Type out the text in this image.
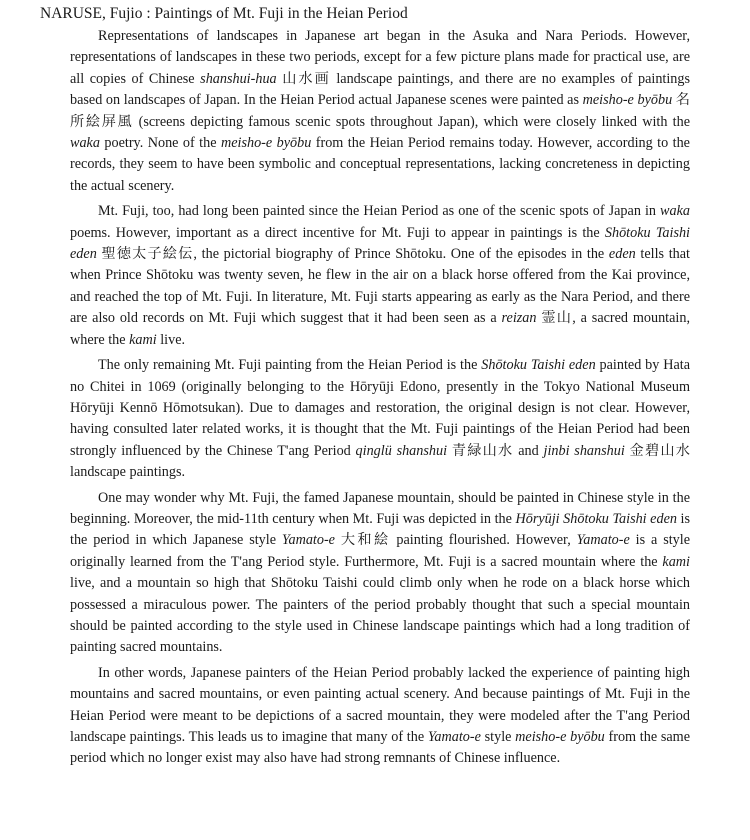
NARUSE, Fujio : Paintings of Mt. Fuji in the Heian Period

Representations of landscapes in Japanese art began in the Asuka and Nara Periods. However, representations of landscapes in these two periods, except for a few picture plans made for practical use, are all copies of Chinese shanshui-hua 山水画 landscape paintings, and there are no examples of paintings based on landscapes of Japan. In the Heian Period actual Japanese scenes were painted as meisho-e byōbu 名所絵屏風 (screens depicting famous scenic spots throughout Japan), which were closely linked with the waka poetry. None of the meisho-e byōbu from the Heian Period remains today. However, according to the records, they seem to have been symbolic and conceptual representations, lacking concreteness in depicting the actual scenery.

Mt. Fuji, too, had long been painted since the Heian Period as one of the scenic spots of Japan in waka poems. However, important as a direct incentive for Mt. Fuji to appear in paintings is the Shōtoku Taishi eden 聖徳太子絵伝, the pictorial biography of Prince Shōtoku. One of the episodes in the eden tells that when Prince Shōtoku was twenty seven, he flew in the air on a black horse offered from the Kai province, and reached the top of Mt. Fuji. In literature, Mt. Fuji starts appearing as early as the Nara Period, and there are also old records on Mt. Fuji which suggest that it had been seen as a reizan 霊山, a sacred mountain, where the kami live.

The only remaining Mt. Fuji painting from the Heian Period is the Shōtoku Taishi eden painted by Hata no Chitei in 1069 (originally belonging to the Hōryūji Edono, presently in the Tokyo National Museum Hōryūji Kennō Hōmotsukan). Due to damages and restoration, the original design is not clear. However, having consulted later related works, it is thought that the Mt. Fuji paintings of the Heian Period had been strongly influenced by the Chinese T'ang Period qinglü shanshui 青緑山水 and jinbi shanshui 金碧山水 landscape paintings.

One may wonder why Mt. Fuji, the famed Japanese mountain, should be painted in Chinese style in the beginning. Moreover, the mid-11th century when Mt. Fuji was depicted in the Hōryūji Shōtoku Taishi eden is the period in which Japanese style Yamato-e 大和絵 painting flourished. However, Yamato-e is a style originally learned from the T'ang Period style. Furthermore, Mt. Fuji is a sacred mountain where the kami live, and a mountain so high that Shōtoku Taishi could climb only when he rode on a black horse which possessed a miraculous power. The painters of the period probably thought that such a special mountain should be painted according to the style used in Chinese landscape paintings which had a long tradition of painting sacred mountains.

In other words, Japanese painters of the Heian Period probably lacked the experience of painting high mountains and sacred mountains, or even painting actual scenery. And because paintings of Mt. Fuji in the Heian Period were meant to be depictions of a sacred mountain, they were modeled after the T'ang Period landscape paintings. This leads us to imagine that many of the Yamato-e style meisho-e byōbu from the same period which no longer exist may also have had strong remnants of Chinese influence.
